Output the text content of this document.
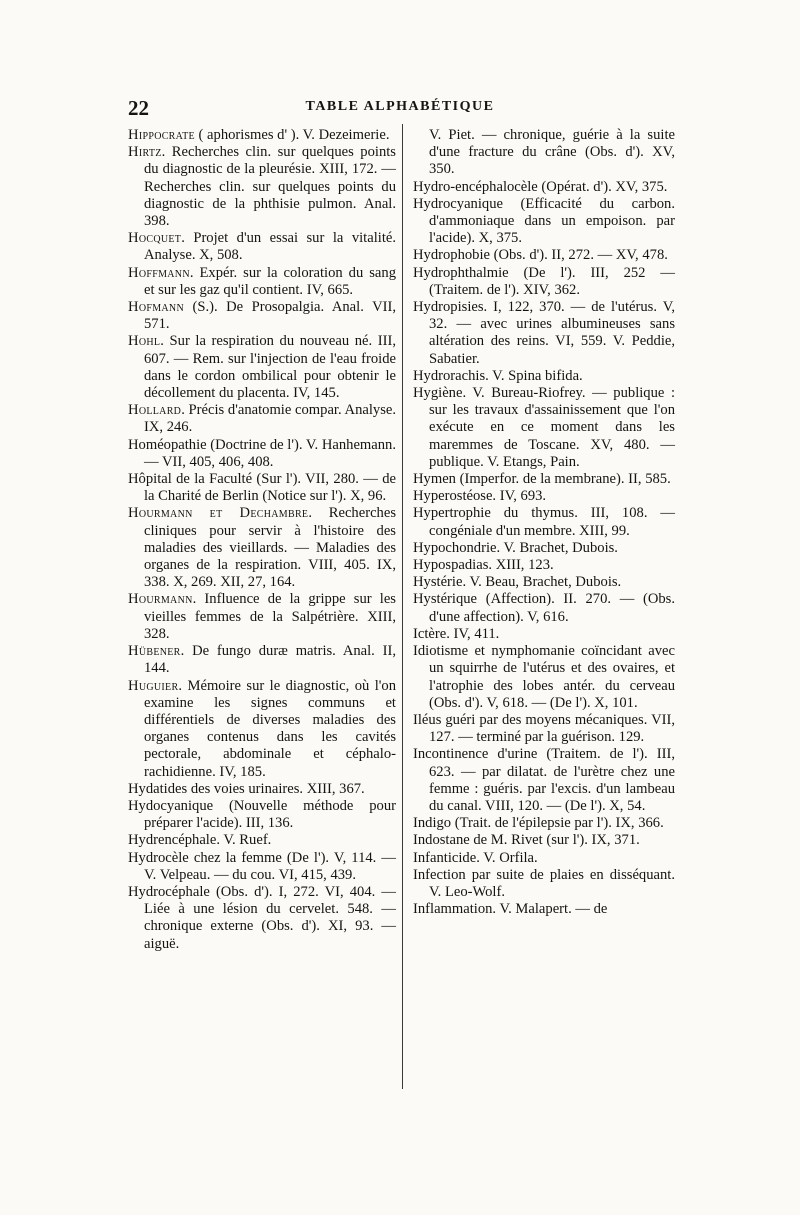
22	TABLE ALPHABÉTIQUE

Hippocrate ( aphorismes d' ). V. Dezeimerie.

Hirtz. Recherches clin. sur quelques points du diagnostic de la pleurésie. XIII, 172. — Recherches clin. sur quelques points du diagnostic de la phthisie pulmon. Anal. 398.

Hocquet. Projet d'un essai sur la vitalité. Analyse. X, 508.

Hoffmann. Expér. sur la coloration du sang et sur les gaz qu'il contient. IV, 665.

Hofmann (S.). De Prosopalgia. Anal. VII, 571.

Hohl. Sur la respiration du nouveau né. III, 607. — Rem. sur l'injection de l'eau froide dans le cordon ombilical pour obtenir le décollement du placenta. IV, 145.

Hollard. Précis d'anatomie compar. Analyse. IX, 246.

Homéopathie (Doctrine de l'). V. Hanhemann. — VII, 405, 406, 408.

Hôpital de la Faculté (Sur l'). VII, 280. — de la Charité de Berlin (Notice sur l'). X, 96.

Hourmann et Dechambre. Recherches cliniques pour servir à l'histoire des maladies des vieillards. — Maladies des organes de la respiration. VIII, 405. IX, 338. X, 269. XII, 27, 164.

Hourmann. Influence de la grippe sur les vieilles femmes de la Salpétrière. XIII, 328.

Hübener. De fungo duræ matris. Anal. II, 144.

Huguier. Mémoire sur le diagnostic, où l'on examine les signes communs et différentiels de diverses maladies des organes contenus dans les cavités pectorale, abdominale et céphalo-rachidienne. IV, 185.

Hydatides des voies urinaires. XIII, 367.

Hydocyanique (Nouvelle méthode pour préparer l'acide). III, 136.

Hydrencéphale. V. Ruef.

Hydrocèle chez la femme (De l'). V, 114. — V. Velpeau. — du cou. VI, 415, 439.

Hydrocéphale (Obs. d'). I, 272. VI, 404. — Liée à une lésion du cervelet. 548. — chronique externe (Obs. d'). XI, 93. — aiguë.

V. Piet. — chronique, guérie à la suite d'une fracture du crâne (Obs. d'). XV, 350.

Hydro-encéphalocèle (Opérat. d'). XV, 375.

Hydrocyanique (Efficacité du carbon. d'ammoniaque dans un empoison. par l'acide). X, 375.

Hydrophobie (Obs. d'). II, 272. — XV, 478.

Hydrophthalmie (De l'). III, 252 — (Traitem. de l'). XIV, 362.

Hydropisies. I, 122, 370. — de l'utérus. V, 32. — avec urines albumineuses sans altération des reins. VI, 559. V. Peddie, Sabatier.

Hydrorachis. V. Spina bifida.

Hygiène. V. Bureau-Riofrey. — publique : sur les travaux d'assainissement que l'on exécute en ce moment dans les maremmes de Toscane. XV, 480. — publique. V. Etangs, Pain.

Hymen (Imperfor. de la membrane). II, 585.

Hyperostéose. IV, 693.

Hypertrophie du thymus. III, 108. — congéniale d'un membre. XIII, 99.

Hypochondrie. V. Brachet, Dubois.

Hypospadias. XIII, 123.

Hystérie. V. Beau, Brachet, Dubois.

Hystérique (Affection). II. 270. — (Obs. d'une affection). V, 616.

Ictère. IV, 411.

Idiotisme et nymphomanie coïncidant avec un squirrhe de l'utérus et des ovaires, et l'atrophie des lobes antér. du cerveau (Obs. d'). V, 618. — (De l'). X, 101.

Iléus guéri par des moyens mécaniques. VII, 127. — terminé par la guérison. 129.

Incontinence d'urine (Traitem. de l'). III, 623. — par dilatat. de l'urètre chez une femme : guéris. par l'excis. d'un lambeau du canal. VIII, 120. — (De l'). X, 54.

Indigo (Trait. de l'épilepsie par l'). IX, 366.

Indostane de M. Rivet (sur l'). IX, 371.

Infanticide. V. Orfila.

Infection par suite de plaies en disséquant. V. Leo-Wolf.

Inflammation. V. Malapert. — de
